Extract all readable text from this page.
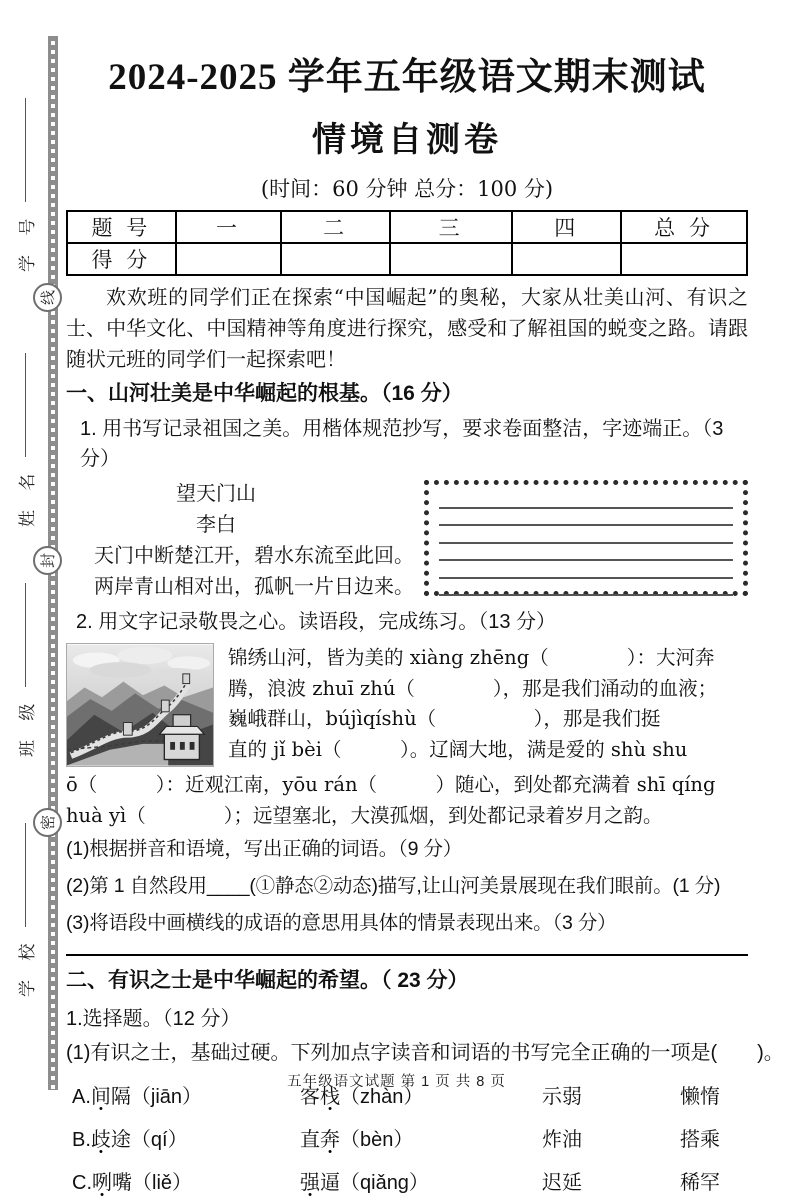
学 号
姓 名
班 级
学 校
线
封
密
2024-2025 学年五年级语文期末测试
情境自测卷
(时间：60 分钟 总分：100 分)
题 号	一	二	三	四	总 分
得 分					

欢欢班的同学们正在探索“中国崛起”的奥秘，大家从壮美山河、有识之士、中华文化、中国精神等角度进行探究，感受和了解祖国的蜕变之路。请跟随状元班的同学们一起探索吧！

一、山河壮美是中华崛起的根基。（16 分）
1. 用书写记录祖国之美。用楷体规范抄写，要求卷面整洁，字迹端正。（3 分）
望天门山
李白
天门中断楚江开，碧水东流至此回。
两岸青山相对出，孤帆一片日边来。
2. 用文字记录敬畏之心。读语段，完成练习。（13 分）
锦绣山河，皆为美的 xiàng zhēng（　　　　）：大河奔
腾，浪波 zhuī zhú（　　　　），那是我们涌动的血液；
巍峨群山，bújìqíshù（　　　　　），那是我们挺
直的 jǐ bèi（　　　）。辽阔大地，满是爱的 shù shu
ō（　　　）：近观江南，yōu rán（　　　）随心，到处都充满着 shī qíng
huà yì（　　　　）；远望塞北，大漠孤烟，到处都记录着岁月之韵。
(1)根据拼音和语境，写出正确的词语。（9 分）
(2)第 1 自然段用____(①静态②动态)描写,让山河美景展现在我们眼前。(1 分)
(3)将语段中画横线的成语的意思用具体的情景表现出来。（3 分）
二、有识之士是中华崛起的希望。（ 23 分）
1.选择题。（12 分）
(1)有识之士，基础过硬。下列加点字读音和词语的书写完全正确的一项是(　　)。
A.间隔（jiān）	客栈（zhàn）	示弱	懒惰
B.歧途（qí）	直奔（bèn）	炸油	搭乘
C.咧嘴（liě）	强逼（qiǎng）	迟延	稀罕
五年级语文试题 第 1 页 共 8 页
